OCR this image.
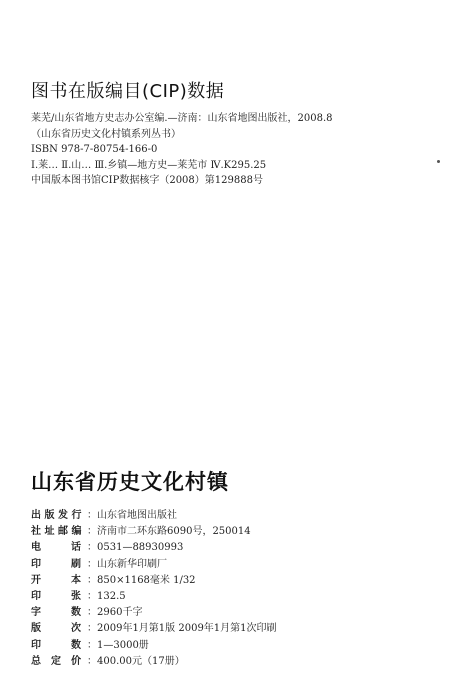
图书在版编目(CIP)数据
莱芜/山东省地方史志办公室编.—济南：山东省地图出版社，2008.8
（山东省历史文化村镇系列丛书）
ISBN 978-7-80754-166-0
Ⅰ.莱… Ⅱ.山… Ⅲ.乡镇—地方史—莱芜市 Ⅳ.K295.25
中国版本图书馆CIP数据核字（2008）第129888号
山东省历史文化村镇
出 版 发 行 ： 山东省地图出版社
社 址 邮 编 ： 济南市二环东路6090号，250014
电　　　话 ： 0531—88930993
印　　　刷 ： 山东新华印刷厂
开　　　本 ： 850×1168毫米 1/32
印　　　张 ： 132.5
字　　　数 ： 2960千字
版　　　次 ： 2009年1月第1版 2009年1月第1次印刷
印　　　数 ： 1—3000册
总　定　价 ： 400.00元（17册）
